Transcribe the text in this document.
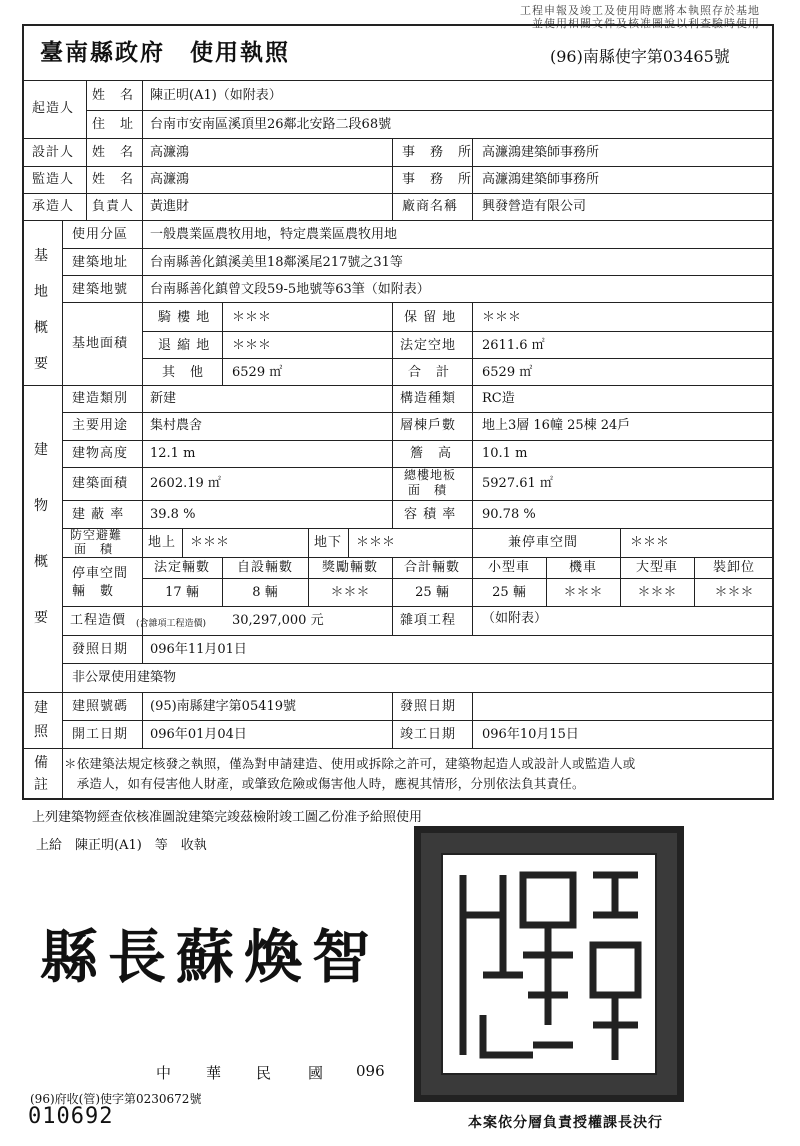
工程申報及竣工及使用時應將本執照存於基地
並使用相關文件及核准圖說以利查驗時使用
臺南縣政府　使用執照	(96)南縣使字第03465號
起造人
姓　名 陳正明(A1)（如附表）
住　址 台南市安南區溪頂里26鄰北安路二段68號
設計人 姓　名 高濂鴻	事　務　所 高濂鴻建築師事務所
監造人 姓　名 高濂鴻	事　務　所 高濂鴻建築師事務所
承造人 負責人 黃進財	廠商名稱 興發營造有限公司
基
地
概
要
使用分區 一般農業區農牧用地，特定農業區農牧用地
建築地址 台南縣善化鎮溪美里18鄰溪尾217號之31等
建築地號 台南縣善化鎮曾文段59-5地號等63筆（如附表）
基地面積
騎 樓 地 ＊＊＊	保 留 地 ＊＊＊
退 縮 地 ＊＊＊	法定空地 2611.6 ㎡
其　他 6529 ㎡	合　計 6529 ㎡
建
物
概
要
建造類別 新建	構造種類 RC造
主要用途 集村農舍	層棟戶數 地上3層 16幢 25棟 24戶
建物高度 12.1 m	簷　高 10.1 m
建築面積 2602.19 ㎡
總樓地板
面　積	5927.61 ㎡
建 蔽 率 39.8 %	容 積 率 90.78 %
防空避難
面　積	地上 ＊＊＊	地下 ＊＊＊	兼停車空間	＊＊＊
停車空間
輛　數
法定輛數	自設輛數	獎勵輛數	合計輛數	小型車	機車	大型車	裝卸位
17 輛	8 輛	＊＊＊	25 輛	25 輛	＊＊＊	＊＊＊	＊＊＊
工程造價 (含雜項工程造價) 30,297,000 元	雜項工程 （如附表）
發照日期 096年11月01日
非公眾使用建築物
建
照
建照號碼 (95)南縣建字第05419號	發照日期
開工日期 096年01月04日	竣工日期 096年10月15日
備
註
＊依建築法規定核發之執照，僅為對申請建造、使用或拆除之許可，建築物起造人或設計人或監造人或
　承造人，如有侵害他人財產，或肇致危險或傷害他人時，應視其情形，分別依法負其責任。
上列建築物經查依核准圖說建築完竣茲檢附竣工圖乙份准予給照使用
上給　陳正明(A1)　等　收執
縣長蘇煥智
中 華 民 國 096
(96)府收(管)使字第0230672號
010692	本案依分層負責授權課長決行
